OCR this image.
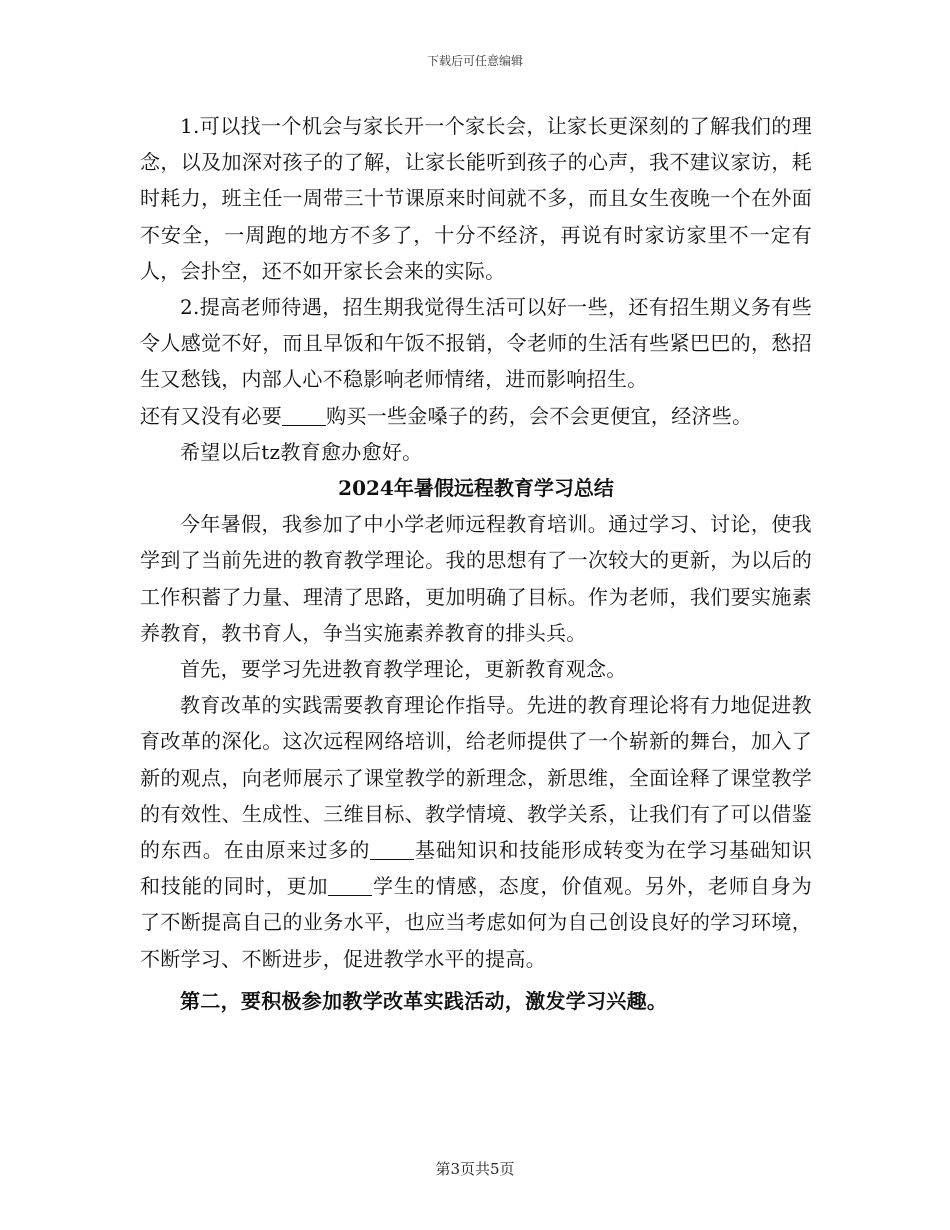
下载后可任意编辑

1.可以找一个机会与家长开一个家长会，让家长更深刻的了解我们的理念，以及加深对孩子的了解，让家长能听到孩子的心声，我不建议家访，耗时耗力，班主任一周带三十节课原来时间就不多，而且女生夜晚一个在外面不安全，一周跑的地方不多了，十分不经济，再说有时家访家里不一定有人，会扑空，还不如开家长会来的实际。

2.提高老师待遇，招生期我觉得生活可以好一些，还有招生期义务有些令人感觉不好，而且早饭和午饭不报销，令老师的生活有些紧巴巴的，愁招生又愁钱，内部人心不稳影响老师情绪，进而影响招生。

还有又没有必要 购买一些金嗓子的药，会不会更便宜，经济些。

希望以后tz教育愈办愈好。

2024年暑假远程教育学习总结

今年暑假，我参加了中小学老师远程教育培训。通过学习、讨论，使我学到了当前先进的教育教学理论。我的思想有了一次较大的更新，为以后的工作积蓄了力量、理清了思路，更加明确了目标。作为老师，我们要实施素养教育，教书育人，争当实施素养教育的排头兵。

首先，要学习先进教育教学理论，更新教育观念。

教育改革的实践需要教育理论作指导。先进的教育理论将有力地促进教育改革的深化。这次远程网络培训，给老师提供了一个崭新的舞台，加入了新的观点，向老师展示了课堂教学的新理念，新思维，全面诠释了课堂教学的有效性、生成性、三维目标、教学情境、教学关系，让我们有了可以借鉴的东西。在由原来过多的 基础知识和技能形成转变为在学习基础知识和技能的同时，更加 学生的情感，态度，价值观。另外，老师自身为了不断提高自己的业务水平，也应当考虑如何为自己创设良好的学习环境，不断学习、不断进步，促进教学水平的提高。

第二，要积极参加教学改革实践活动，激发学习兴趣。

第3页共5页
